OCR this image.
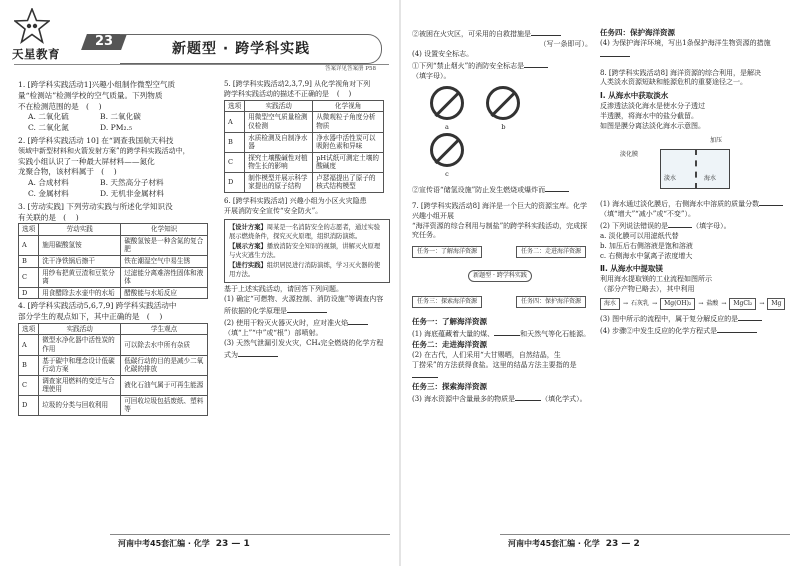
天星教育
23	新题型 · 跨学科实践
答案详见答案册 P58
1. [跨学科实践活动1]兴趣小组制作微型空气质
量“检测站”检测学校的空气质量。下列物质
不在检测范围的是 (    )
A. 二氧化硫	B. 二氧化碳
C. 二氧化氮	D. PM₂.₅
2. [跨学科实践活动 10] 在“调查我国航天科技
领域中新型材料和火箭发射方案”的跨学科实践活动中，
实践小组认识了一种最大屏材料——氮化
龙聚合物，该材料属于 (    )
A. 合成材料	B. 天然高分子材料
C. 金属材料	D. 无机非金属材料
3. [劳动实践] 下列劳动实践与所述化学知识没
有关联的是 (    )
选项	劳动实践	化学知识
A	施用碳酸氢铵	碳酸氢铵是一种含氮的复合肥
B	洗干净铁锅后擦干	铁在潮湿空气中易生锈
C	用纱布把黄豆渣和豆浆分离	过滤能分离难溶性固体和液体
D	用食醋除去水壶中的水垢	醋酸能与水垢反应
4. [跨学科实践活动5,6,7,9] 跨学科实践活动中
部分学生的观点如下，其中正确的是 (    )
选项	实践活动	学生观点
A	微型水净化器中活性炭的作用	可以除去水中所有杂质
B	基于碳中和理念设计低碳行动方案	低碳行动的目的是减少二氧化碳的排放
C	调查家用燃料的变迁与合理使用	液化石油气属于可再生能源
D	垃圾的分类与回收利用	可回收垃圾包括废纸、塑料等
5. [跨学科实践活动2,3,7,9] 从化学视角对下列
跨学科实践活动的描述不正确的是 (    )
选项	实践活动	化学视角
A	用微型空气质量检测仪检测	从微观粒子角度分析物质
B	水质检测及自制净水器	净水器中活性炭可以吸附色素和异味
C	探究土壤酸碱性对植物生长的影响	pH试纸可测定土壤的酸碱度
D	制作模型并展示科学家提出的原子结构	卢瑟福提出了原子的核式结构模型
6. [跨学科实践活动] 兴趣小组为小区火灾隐患
开展消防安全宣传“安全防火”。
【设计方案】周某是一名消防安全的志愿者，通过实验展示燃烧条件，探究灭火原理，组织消防演练。
【展示方案】播放消防安全知识的视频，讲解灭火原理与火灾逃生方法。
【进行实践】组织居民进行消防演练，学习灭火器的使用方法。
基于上述实践活动，请回答下列问题。
(1) 确定“可燃物、火源控制、消防设施”等调查内容所依据的化学原理是
(2) 使用干粉灭火器灭火时，应对准火焰（填“上”“中”或“根”）部喷射。
(3) 天然气泄漏引发火灾，CH₄完全燃烧的化学方程式为
河南中考45套汇编 · 化学 23 — 1
②被困在火灾区，可采用的自救措施是
（写一条即可）。
(4) 设置安全标志。
①下列“禁止烟火”的消防安全标志是
（填字母）。
a
	b

c
②宣传语“储氢设施”防止发生燃烧或爆炸而
7. [跨学科实践活动8] 海洋是一个巨大的资源宝库。化学兴趣小组开展
“海洋资源的综合利用与制盐”的跨学科实践活动，完成探究任务。
任务一：了解海洋资源	任务二：走进海洋资源
新题型 · 跨学科实践
任务三：探索海洋资源	任务四：保护海洋资源
任务一：了解海洋资源
(1) 海底蕴藏着大量的煤、	和天然气等化石能源。
任务二：走进海洋资源
(2) 在古代，人们采用“大甘赐晒，自然结晶，生
丁捞采”的方法获得食盐。这里的结晶方法主要指的是
任务三：探索海洋资源
(3) 海水资源中含量最多的物质是	（填化学式）。
任务四：保护海洋资源
(4) 为保护海洋环境，写出1条保护海洋生物资源的措施
8. [跨学科实践活动8] 海洋资源的综合利用，是解决
人类淡水资源短缺和能源危机的重要途径之一。
Ⅰ. 从海水中获取淡水
反渗透法淡化海水是使水分子透过
半透膜，将海水中的盐分截留。
如图是膜分离法淡化海水示意图。
加压
淡化膜
淡水	海水
(1) 海水通过淡化膜后，右侧海水中溶质的质量分数（填“增大”“减小”或“不变”）。
(2) 下列说法错误的是	（填字母）。
a. 淡化膜可以用滤纸代替
b. 加压后右侧溶液是饱和溶液
c. 右侧海水中氯离子浓度增大
Ⅱ. 从海水中提取镁
利用海水提取镁的工业流程如图所示
（部分产物已略去），其中利用
海水	→ 石灰乳 →	Mg(OH)₂	→ 盐酸 →	MgCl₂	→	Mg
(3) 图中所示的流程中，属于复分解反应的是
(4) 步骤②中发生反应的化学方程式是
河南中考45套汇编 · 化学 23 — 2
